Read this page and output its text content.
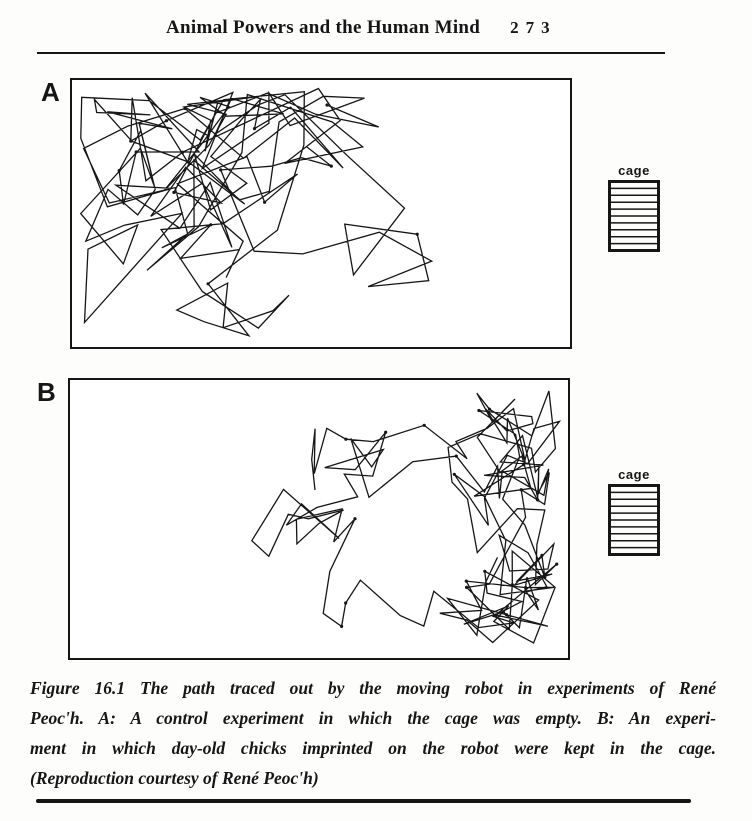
Animal Powers and the Human Mind 273
A
cage
B
cage

Figure 16.1 The path traced out by the moving robot in experiments of René

Peoc'h. A: A control experiment in which the cage was empty. B: An experi-

ment in which day-old chicks imprinted on the robot were kept in the cage.

(Reproduction courtesy of René Peoc'h)
